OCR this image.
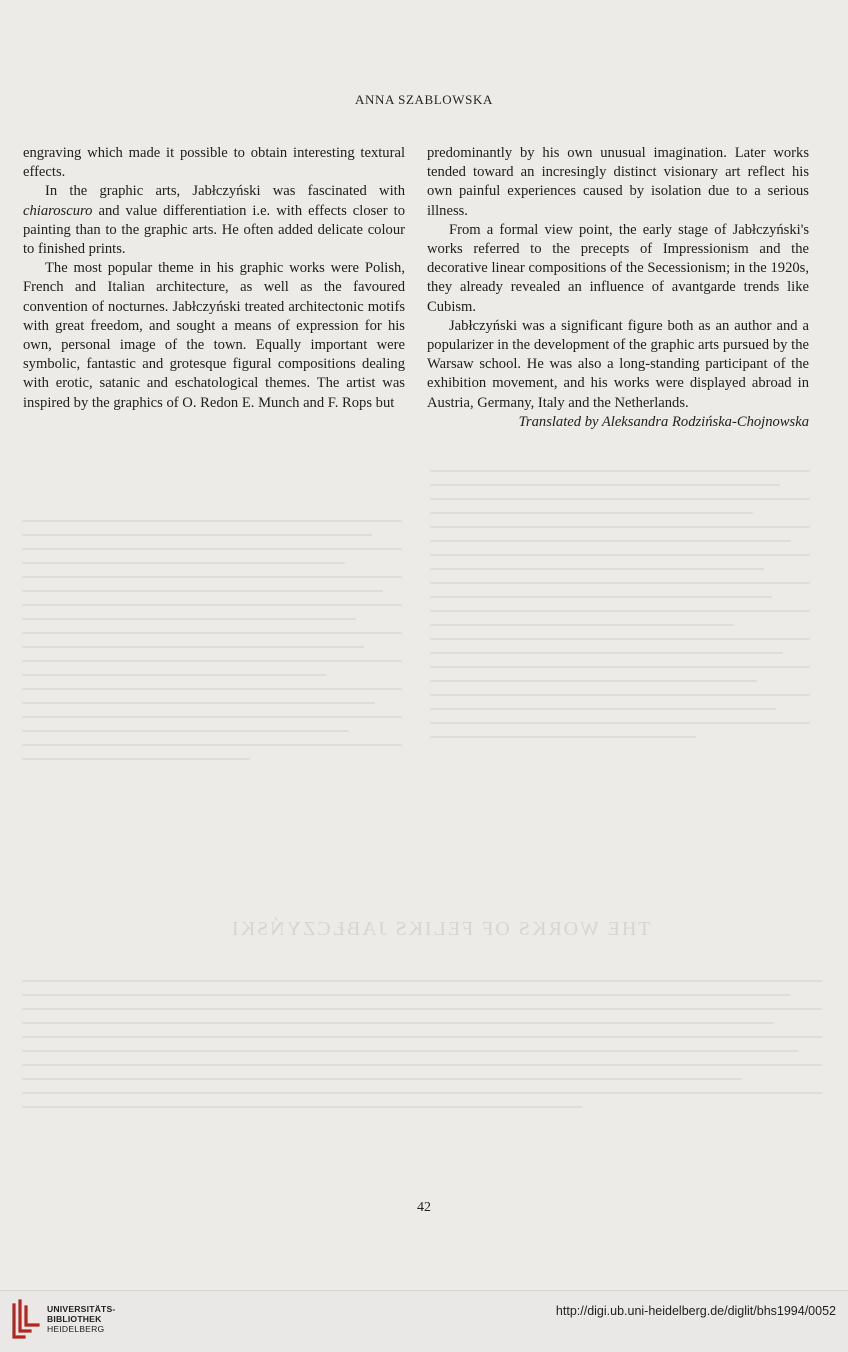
THE WORKS OF FELIKS JABŁCZYŃSKI
ANNA SZABLOWSKA

engraving which made it possible to obtain interesting textural effects.

In the graphic arts, Jabłczyński was fascinated with chiaroscuro and value differentiation i.e. with effects closer to painting than to the graphic arts. He often added delicate colour to finished prints.

The most popular theme in his graphic works were Polish, French and Italian architecture, as well as the favoured convention of nocturnes. Jabłczyński treated architectonic motifs with great freedom, and sought a means of expression for his own, personal image of the town. Equally important were symbolic, fantastic and grotesque figural compositions dealing with erotic, satanic and eschatological themes. The artist was inspired by the graphics of O. Redon E. Munch and F. Rops but

predominantly by his own unusual imagination. Later works tended toward an incresingly distinct visionary art reflect his own painful experiences caused by isolation due to a serious illness.

From a formal view point, the early stage of Jabłczyński's works referred to the precepts of Impressionism and the decorative linear compositions of the Secessionism; in the 1920s, they already revealed an influence of avantgarde trends like Cubism.

Jabłczyński was a significant figure both as an author and a popularizer in the development of the graphic arts pursued by the Warsaw school. He was also a long-standing participant of the exhibition movement, and his works were displayed abroad in Austria, Germany, Italy and the Netherlands.

Translated by Aleksandra Rodzińska-Chojnowska

42
UNIVERSITÄTS-
BIBLIOTHEK
HEIDELBERG
http://digi.ub.uni-heidelberg.de/diglit/bhs1994/0052
